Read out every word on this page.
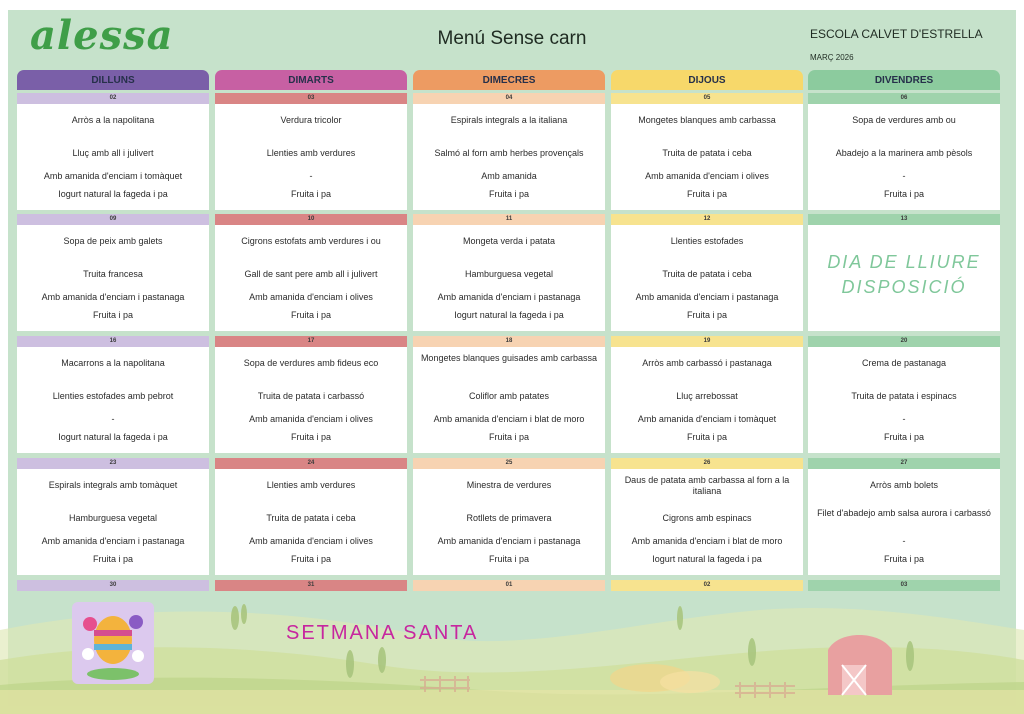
alessa	Menú Sense carn	ESCOLA CALVET D'ESTRELLA
MARÇ 2026
DILLUNS
02
Arròs a la napolitana
Lluç amb all i julivert
Amb amanida d'enciam i tomàquet
Iogurt natural la fageda i pa
09
Sopa de peix amb galets
Truita francesa
Amb amanida d'enciam i pastanaga
Fruita i pa
16
Macarrons a la napolitana
Llenties estofades amb pebrot
-
Iogurt natural la fageda i pa
23
Espirals integrals amb tomàquet
Hamburguesa vegetal
Amb amanida d'enciam i pastanaga
Fruita i pa
30
DIMARTS
03
Verdura tricolor
Llenties amb verdures
-
Fruita i pa
10
Cigrons estofats amb verdures i ou
Gall de sant pere amb all i julivert
Amb amanida d'enciam i olives
Fruita i pa
17
Sopa de verdures amb fideus eco
Truita de patata i carbassó
Amb amanida d'enciam i olives
Fruita i pa
24
Llenties amb verdures
Truita de patata i ceba
Amb amanida d'enciam i olives
Fruita i pa
31
DIMECRES
04
Espirals integrals a la italiana
Salmó al forn amb herbes provençals
Amb amanida
Fruita i pa
11
Mongeta verda i patata
Hamburguesa vegetal
Amb amanida d'enciam i pastanaga
Iogurt natural la fageda i pa
18
Mongetes blanques guisades amb carbassa
Coliflor amb patates
Amb amanida d'enciam i blat de moro
Fruita i pa
25
Minestra de verdures
Rotllets de primavera
Amb amanida d'enciam i pastanaga
Fruita i pa
01
DIJOUS
05
Mongetes blanques amb carbassa
Truita de patata i ceba
Amb amanida d'enciam i olives
Fruita i pa
12
Llenties estofades
Truita de patata i ceba
Amb amanida d'enciam i pastanaga
Fruita i pa
19
Arròs amb carbassó i pastanaga
Lluç arrebossat
Amb amanida d'enciam i tomàquet
Fruita i pa
26
Daus de patata amb carbassa al forn a la italiana
Cigrons amb espinacs
Amb amanida d'enciam i blat de moro
Iogurt natural la fageda i pa
02
DIVENDRES
06
Sopa de verdures amb ou
Abadejo a la marinera amb pèsols
-
Fruita i pa
13
DIA DE LLIURE
DISPOSICIÓ
20
Crema de pastanaga
Truita de patata i espinacs
-
Fruita i pa
27
Arròs amb bolets
Filet d'abadejo amb salsa aurora i carbassó
-
Fruita i pa
03
SETMANA SANTA
